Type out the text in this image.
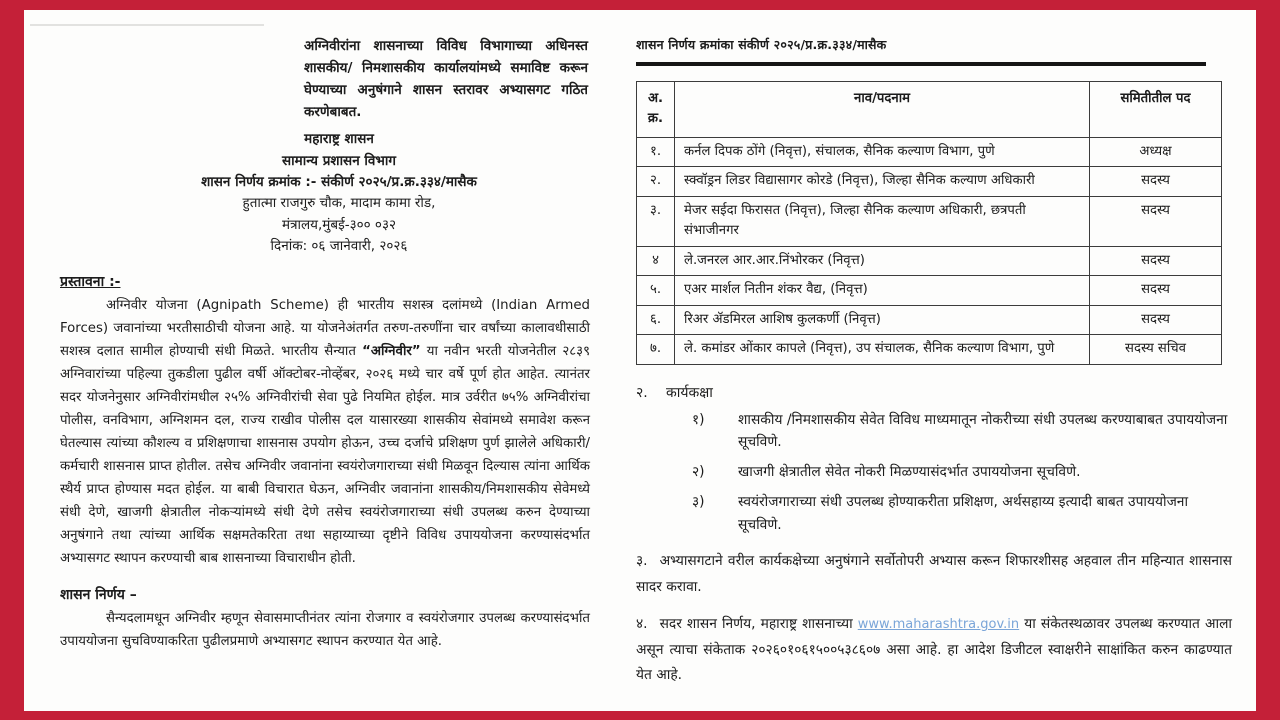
अग्निवीरांना शासनाच्या विविध विभागाच्या अधिनस्त शासकीय/ निमशासकीय कार्यालयांमध्ये समाविष्ट करून घेण्याच्या अनुषंगाने शासन स्तरावर अभ्यासगट गठित करणेबाबत.

महाराष्ट्र शासन
सामान्य प्रशासन विभाग
शासन निर्णय क्रमांक :- संकीर्ण २०२५/प्र.क्र.३३४/मासैक
हुतात्मा राजगुरु चौक, मादाम कामा रोड,
मंत्रालय,मुंबई-३०० ०३२
दिनांक: ०६ जानेवारी, २०२६
प्रस्तावना :-

अग्निवीर योजना (Agnipath Scheme) ही भारतीय सशस्त्र दलांमध्ये (Indian Armed Forces) जवानांच्या भरतीसाठीची योजना आहे. या योजनेअंतर्गत तरुण-तरुणींना चार वर्षांच्या कालावधीसाठी सशस्त्र दलात सामील होण्याची संधी मिळते. भारतीय सैन्यात “अग्निवीर” या नवीन भरती योजनेतील २८३९ अग्निवारांच्या पहिल्या तुकडीला पुढील वर्षी ऑक्टोबर-नोव्हेंबर, २०२६ मध्ये चार वर्षे पूर्ण होत आहेत. त्यानंतर सदर योजनेनुसार अग्निवीरांमधील २५% अग्निवीरांची सेवा पुढे नियमित होईल. मात्र उर्वरीत ७५% अग्निवीरांचा पोलीस, वनविभाग, अग्निशमन दल, राज्य राखीव पोलीस दल यासारख्या शासकीय सेवांमध्ये समावेश करून घेतल्यास त्यांच्या कौशल्य व प्रशिक्षणाचा शासनास उपयोग होऊन, उच्च दर्जाचे प्रशिक्षण पुर्ण झालेले अधिकारी/कर्मचारी शासनास प्राप्त होतील. तसेच अग्निवीर जवानांना स्वयंरोजगाराच्या संधी मिळवून दिल्यास त्यांना आर्थिक स्थैर्य प्राप्त होण्यास मदत होईल. या बाबी विचारात घेऊन, अग्निवीर जवानांना शासकीय/निमशासकीय सेवेमध्ये संधी देणे, खाजगी क्षेत्रातील नोकऱ्यांमध्ये संधी देणे तसेच स्वयंरोजगाराच्या संधी उपलब्ध करुन देण्याच्या अनुषंगाने तथा त्यांच्या आर्थिक सक्षमतेकरिता तथा सहाय्याच्या दृष्टीने विविध उपाययोजना करण्यासंदर्भात अभ्यासगट स्थापन करण्याची बाब शासनाच्या विचाराधीन होती.

शासन निर्णय –

सैन्यदलामधून अग्निवीर म्हणून सेवासमाप्तीनंतर त्यांना रोजगार व स्वयंरोजगार उपलब्ध करण्यासंदर्भात उपाययोजना सुचविण्याकरिता पुढीलप्रमाणे अभ्यासगट स्थापन करण्यात येत आहे.

शासन निर्णय क्रमांका संकीर्ण २०२५/प्र.क्र.३३४/मासैक
अ. क्र.	नाव/पदनाम	समितीतील पद
१.	कर्नल दिपक ठोंगे (निवृत्त), संचालक, सैनिक कल्याण विभाग, पुणे	अध्यक्ष
२.	स्क्वॉड्रन लिडर विद्यासागर कोरडे (निवृत्त), जिल्हा सैनिक कल्याण अधिकारी	सदस्य
३.	मेजर सईदा फिरासत (निवृत्त), जिल्हा सैनिक कल्याण अधिकारी, छत्रपती संभाजीनगर	सदस्य
४	ले.जनरल आर.आर.निंभोरकर (निवृत्त)	सदस्य
५.	एअर मार्शल नितीन शंकर वैद्य, (निवृत्त)	सदस्य
६.	रिअर ॲडमिरल आशिष कुलकर्णी (निवृत्त)	सदस्य
७.	ले. कमांडर ओंकार कापले (निवृत्त), उप संचालक, सैनिक कल्याण विभाग, पुणे	सदस्य सचिव
२. कार्यकक्षा
१)	शासकीय /निमशासकीय सेवेत विविध माध्यमातून नोकरीच्या संधी उपलब्ध करण्याबाबत उपाययोजना सूचविणे.
२)	खाजगी क्षेत्रातील सेवेत नोकरी मिळण्यासंदर्भात उपाययोजना सूचविणे.
३)	स्वयंरोजगाराच्या संधी उपलब्ध होण्याकरीता प्रशिक्षण, अर्थसहाय्य इत्यादी बाबत उपाययोजना सूचविणे.

३. अभ्यासगटाने वरील कार्यकक्षेच्या अनुषंगाने सर्वोतोपरी अभ्यास करून शिफारशीसह अहवाल तीन महिन्यात शासनास सादर करावा.

४. सदर शासन निर्णय, महाराष्ट्र शासनाच्या www.maharashtra.gov.in या संकेतस्थळावर उपलब्ध करण्यात आला असून त्याचा संकेताक २०२६०१०६१५००५३८६०७ असा आहे. हा आदेश डिजीटल स्वाक्षरीने साक्षांकित करुन काढण्यात येत आहे.
